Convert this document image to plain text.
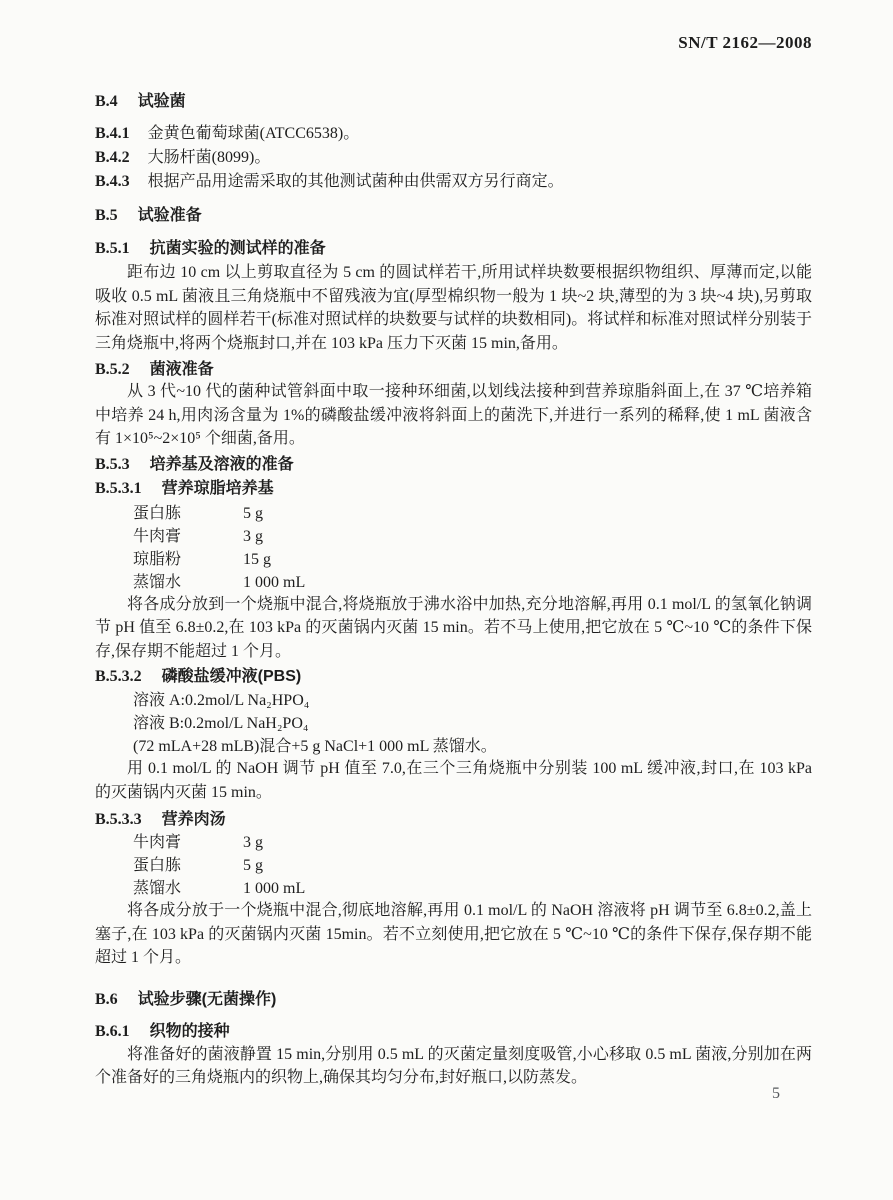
SN/T 2162—2008
B.4 试验菌
B.4.1 金黄色葡萄球菌(ATCC6538)。
B.4.2 大肠杆菌(8099)。
B.4.3 根据产品用途需采取的其他测试菌种由供需双方另行商定。
B.5 试验准备
B.5.1 抗菌实验的测试样的准备

距布边 10 cm 以上剪取直径为 5 cm 的圆试样若干,所用试样块数要根据织物组织、厚薄而定,以能吸收 0.5 mL 菌液且三角烧瓶中不留残液为宜(厚型棉织物一般为 1 块~2 块,薄型的为 3 块~4 块),另剪取标准对照试样的圆样若干(标准对照试样的块数要与试样的块数相同)。将试样和标准对照试样分别装于三角烧瓶中,将两个烧瓶封口,并在 103 kPa 压力下灭菌 15 min,备用。

B.5.2 菌液准备

从 3 代~10 代的菌种试管斜面中取一接种环细菌,以划线法接种到营养琼脂斜面上,在 37 ℃培养箱中培养 24 h,用肉汤含量为 1%的磷酸盐缓冲液将斜面上的菌洗下,并进行一系列的稀释,使 1 mL 菌液含有 1×10⁵~2×10⁵ 个细菌,备用。

B.5.3 培养基及溶液的准备
B.5.3.1 营养琼脂培养基
蛋白胨	5 g
牛肉膏	3 g
琼脂粉	15 g
蒸馏水	1 000 mL

将各成分放到一个烧瓶中混合,将烧瓶放于沸水浴中加热,充分地溶解,再用 0.1 mol/L 的氢氧化钠调节 pH 值至 6.8±0.2,在 103 kPa 的灭菌锅内灭菌 15 min。若不马上使用,把它放在 5 ℃~10 ℃的条件下保存,保存期不能超过 1 个月。

B.5.3.2 磷酸盐缓冲液(PBS)
溶液 A:0.2mol/L Na₂HPO₄
溶液 B:0.2mol/L NaH₂PO₄
(72 mLA+28 mLB)混合+5 g NaCl+1 000 mL 蒸馏水。

用 0.1 mol/L 的 NaOH 调节 pH 值至 7.0,在三个三角烧瓶中分别装 100 mL 缓冲液,封口,在 103 kPa 的灭菌锅内灭菌 15 min。

B.5.3.3 营养肉汤
牛肉膏	3 g
蛋白胨	5 g
蒸馏水	1 000 mL

将各成分放于一个烧瓶中混合,彻底地溶解,再用 0.1 mol/L 的 NaOH 溶液将 pH 调节至 6.8±0.2,盖上塞子,在 103 kPa 的灭菌锅内灭菌 15min。若不立刻使用,把它放在 5 ℃~10 ℃的条件下保存,保存期不能超过 1 个月。

B.6 试验步骤(无菌操作)
B.6.1 织物的接种

将准备好的菌液静置 15 min,分别用 0.5 mL 的灭菌定量刻度吸管,小心移取 0.5 mL 菌液,分别加在两个准备好的三角烧瓶内的织物上,确保其均匀分布,封好瓶口,以防蒸发。

5
